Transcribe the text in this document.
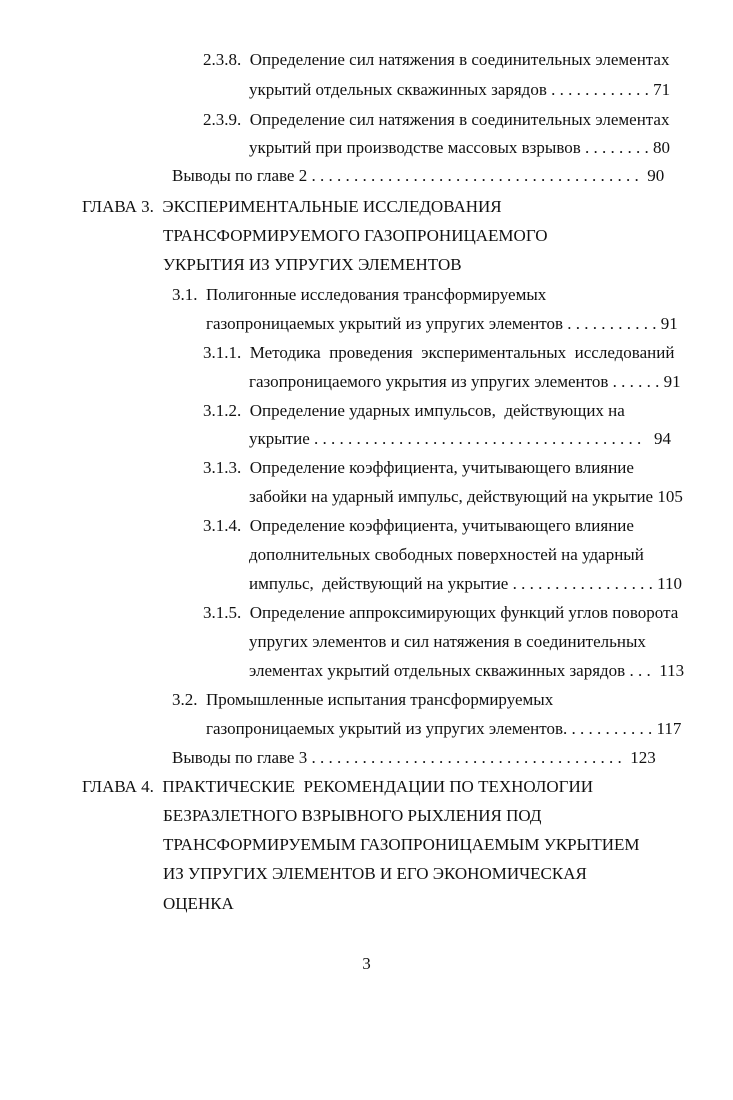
2.3.8.  Определение сил натяжения в соединительных элементах
укрытий отдельных скважинных зарядов . . . . . . . . . . . . 71
2.3.9.  Определение сил натяжения в соединительных элементах
укрытий при производстве массовых взрывов . . . . . . . . 80
Выводы по главе 2 . . . . . . . . . . . . . . . . . . . . . . . . . . . . . . . . . . . . . . .  90
ГЛАВА 3.  ЭКСПЕРИМЕНТАЛЬНЫЕ ИССЛЕДОВАНИЯ
ТРАНСФОРМИРУЕМОГО ГАЗОПРОНИЦАЕМОГО
УКРЫТИЯ ИЗ УПРУГИХ ЭЛЕМЕНТОВ
3.1.  Полигонные исследования трансформируемых
газопроницаемых укрытий из упругих элементов . . . . . . . . . . . 91
3.1.1.  Методика  проведения  экспериментальных  исследований
газопроницаемого укрытия из упругих элементов . . . . . . 91
3.1.2.  Определение ударных импульсов,  действующих на
укрытие . . . . . . . . . . . . . . . . . . . . . . . . . . . . . . . . . . . . . . .   94
3.1.3.  Определение коэффициента, учитывающего влияние
забойки на ударный импульс, действующий на укрытие 105
3.1.4.  Определение коэффициента, учитывающего влияние
дополнительных свободных поверхностей на ударный
импульс,  действующий на укрытие . . . . . . . . . . . . . . . . . 110
3.1.5.  Определение аппроксимирующих функций углов поворота
упругих элементов и сил натяжения в соединительных
элементах укрытий отдельных скважинных зарядов . . .  113
3.2.  Промышленные испытания трансформируемых
газопроницаемых укрытий из упругих элементов. . . . . . . . . . . 117
Выводы по главе 3 . . . . . . . . . . . . . . . . . . . . . . . . . . . . . . . . . . . . .  123
ГЛАВА 4.  ПРАКТИЧЕСКИЕ  РЕКОМЕНДАЦИИ ПО ТЕХНОЛОГИИ
БЕЗРАЗЛЕТНОГО ВЗРЫВНОГО РЫХЛЕНИЯ ПОД
ТРАНСФОРМИРУЕМЫМ ГАЗОПРОНИЦАЕМЫМ УКРЫТИЕМ
ИЗ УПРУГИХ ЭЛЕМЕНТОВ И ЕГО ЭКОНОМИЧЕСКАЯ
ОЦЕНКА
3
